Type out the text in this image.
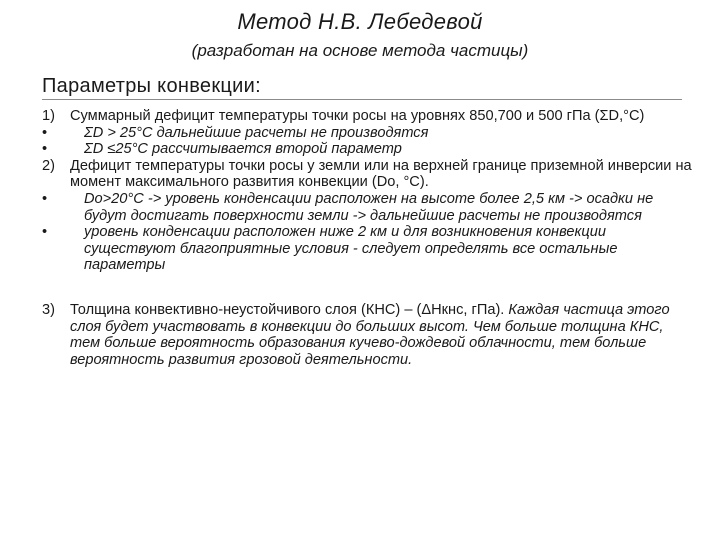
Метод Н.В. Лебедевой
(разработан на основе метода частицы)
Параметры конвекции:
1) Суммарный дефицит температуры точки росы на уровнях 850,700 и 500 гПа (ΣD,°C)
•	ΣD > 25°C дальнейшие расчеты не производятся
•	ΣD ≤25°C рассчитывается второй параметр
2) Дефицит температуры точки росы у земли или на верхней границе приземной инверсии на момент максимального развития конвекции (Do, °C).
•	Do>20°C -> уровень конденсации расположен на высоте более 2,5 км -> осадки не будут достигать поверхности земли -> дальнейшие расчеты не производятся
•	уровень конденсации расположен ниже 2 км и для возникновения конвекции существуют благоприятные условия - следует определять все остальные параметры
3) Толщина конвективно-неустойчивого слоя (КНС) – (ΔHкнс, гПа). Каждая частица этого слоя будет участвовать в конвекции до больших высот. Чем больше толщина КНС, тем больше вероятность образования кучево-дождевой облачности, тем больше вероятность развития грозовой деятельности.
